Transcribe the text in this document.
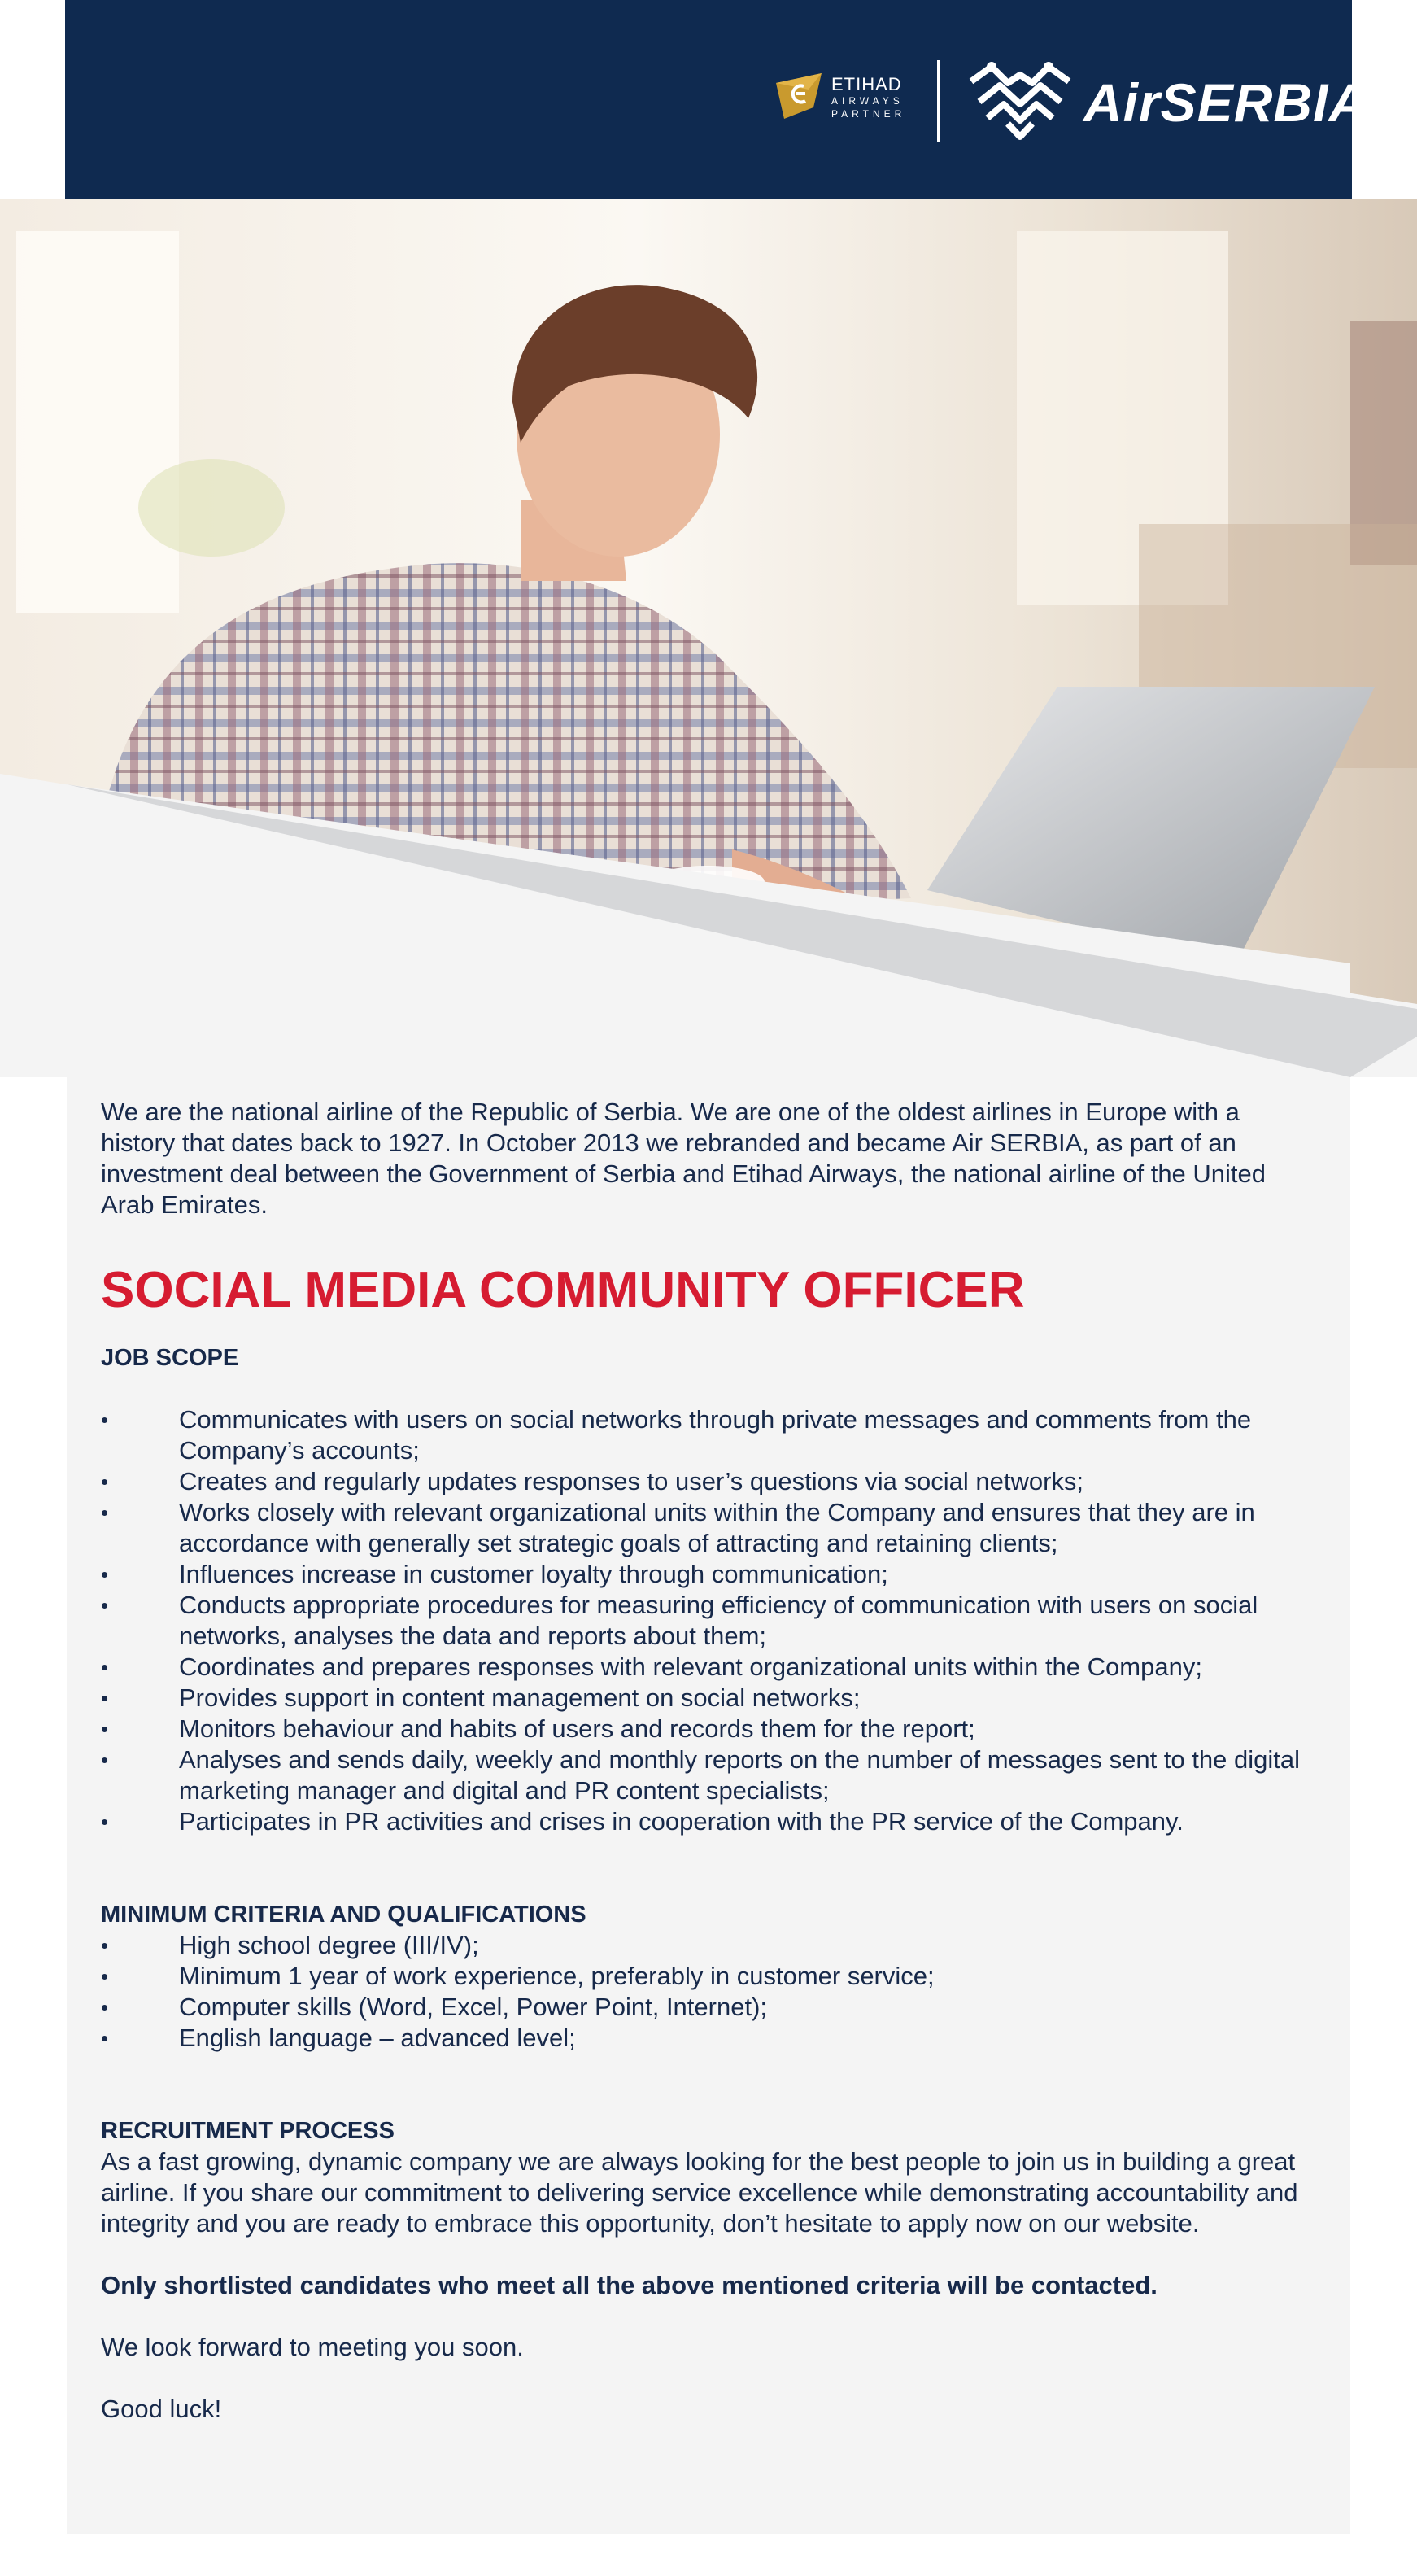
ETIHAD
AIRWAYS
PARTNER	AirSERBIA

We are the national airline of the Republic of Serbia. We are one of the oldest airlines in Europe with a history that dates back to 1927. In October 2013 we rebranded and became Air SERBIA, as part of an investment deal between the Government of Serbia and Etihad Airways, the national airline of the United Arab Emirates.

SOCIAL MEDIA COMMUNITY OFFICER
JOB SCOPE
• Communicates with users on social networks through private messages and comments from the Company’s accounts;
• Creates and regularly updates responses to user’s questions via social networks;
• Works closely with relevant organizational units within the Company and ensures that they are in accordance with generally set strategic goals of attracting and retaining clients;
• Influences increase in customer loyalty through communication;
• Conducts appropriate procedures for measuring efficiency of communication with users on social networks, analyses the data and reports about them;
• Coordinates and prepares responses with relevant organizational units within the Company;
• Provides support in content management on social networks;
• Monitors behaviour and habits of users and records them for the report;
• Analyses and sends daily, weekly and monthly reports on the number of messages sent to the digital marketing manager and digital and PR content specialists;
• Participates in PR activities and crises in cooperation with the PR service of the Company.
MINIMUM CRITERIA AND QUALIFICATIONS
• High school degree (III/IV);
• Minimum 1 year of work experience, preferably in customer service;
• Computer skills (Word, Excel, Power Point, Internet);
• English language – advanced level;
RECRUITMENT PROCESS

As a fast growing, dynamic company we are always looking for the best people to join us in building a great airline. If you share our commitment to delivering service excellence while demonstrating accountability and integrity and you are ready to embrace this opportunity, don’t hesitate to apply now on our website.

Only shortlisted candidates who meet all the above mentioned criteria will be contacted.

We look forward to meeting you soon.

Good luck!
